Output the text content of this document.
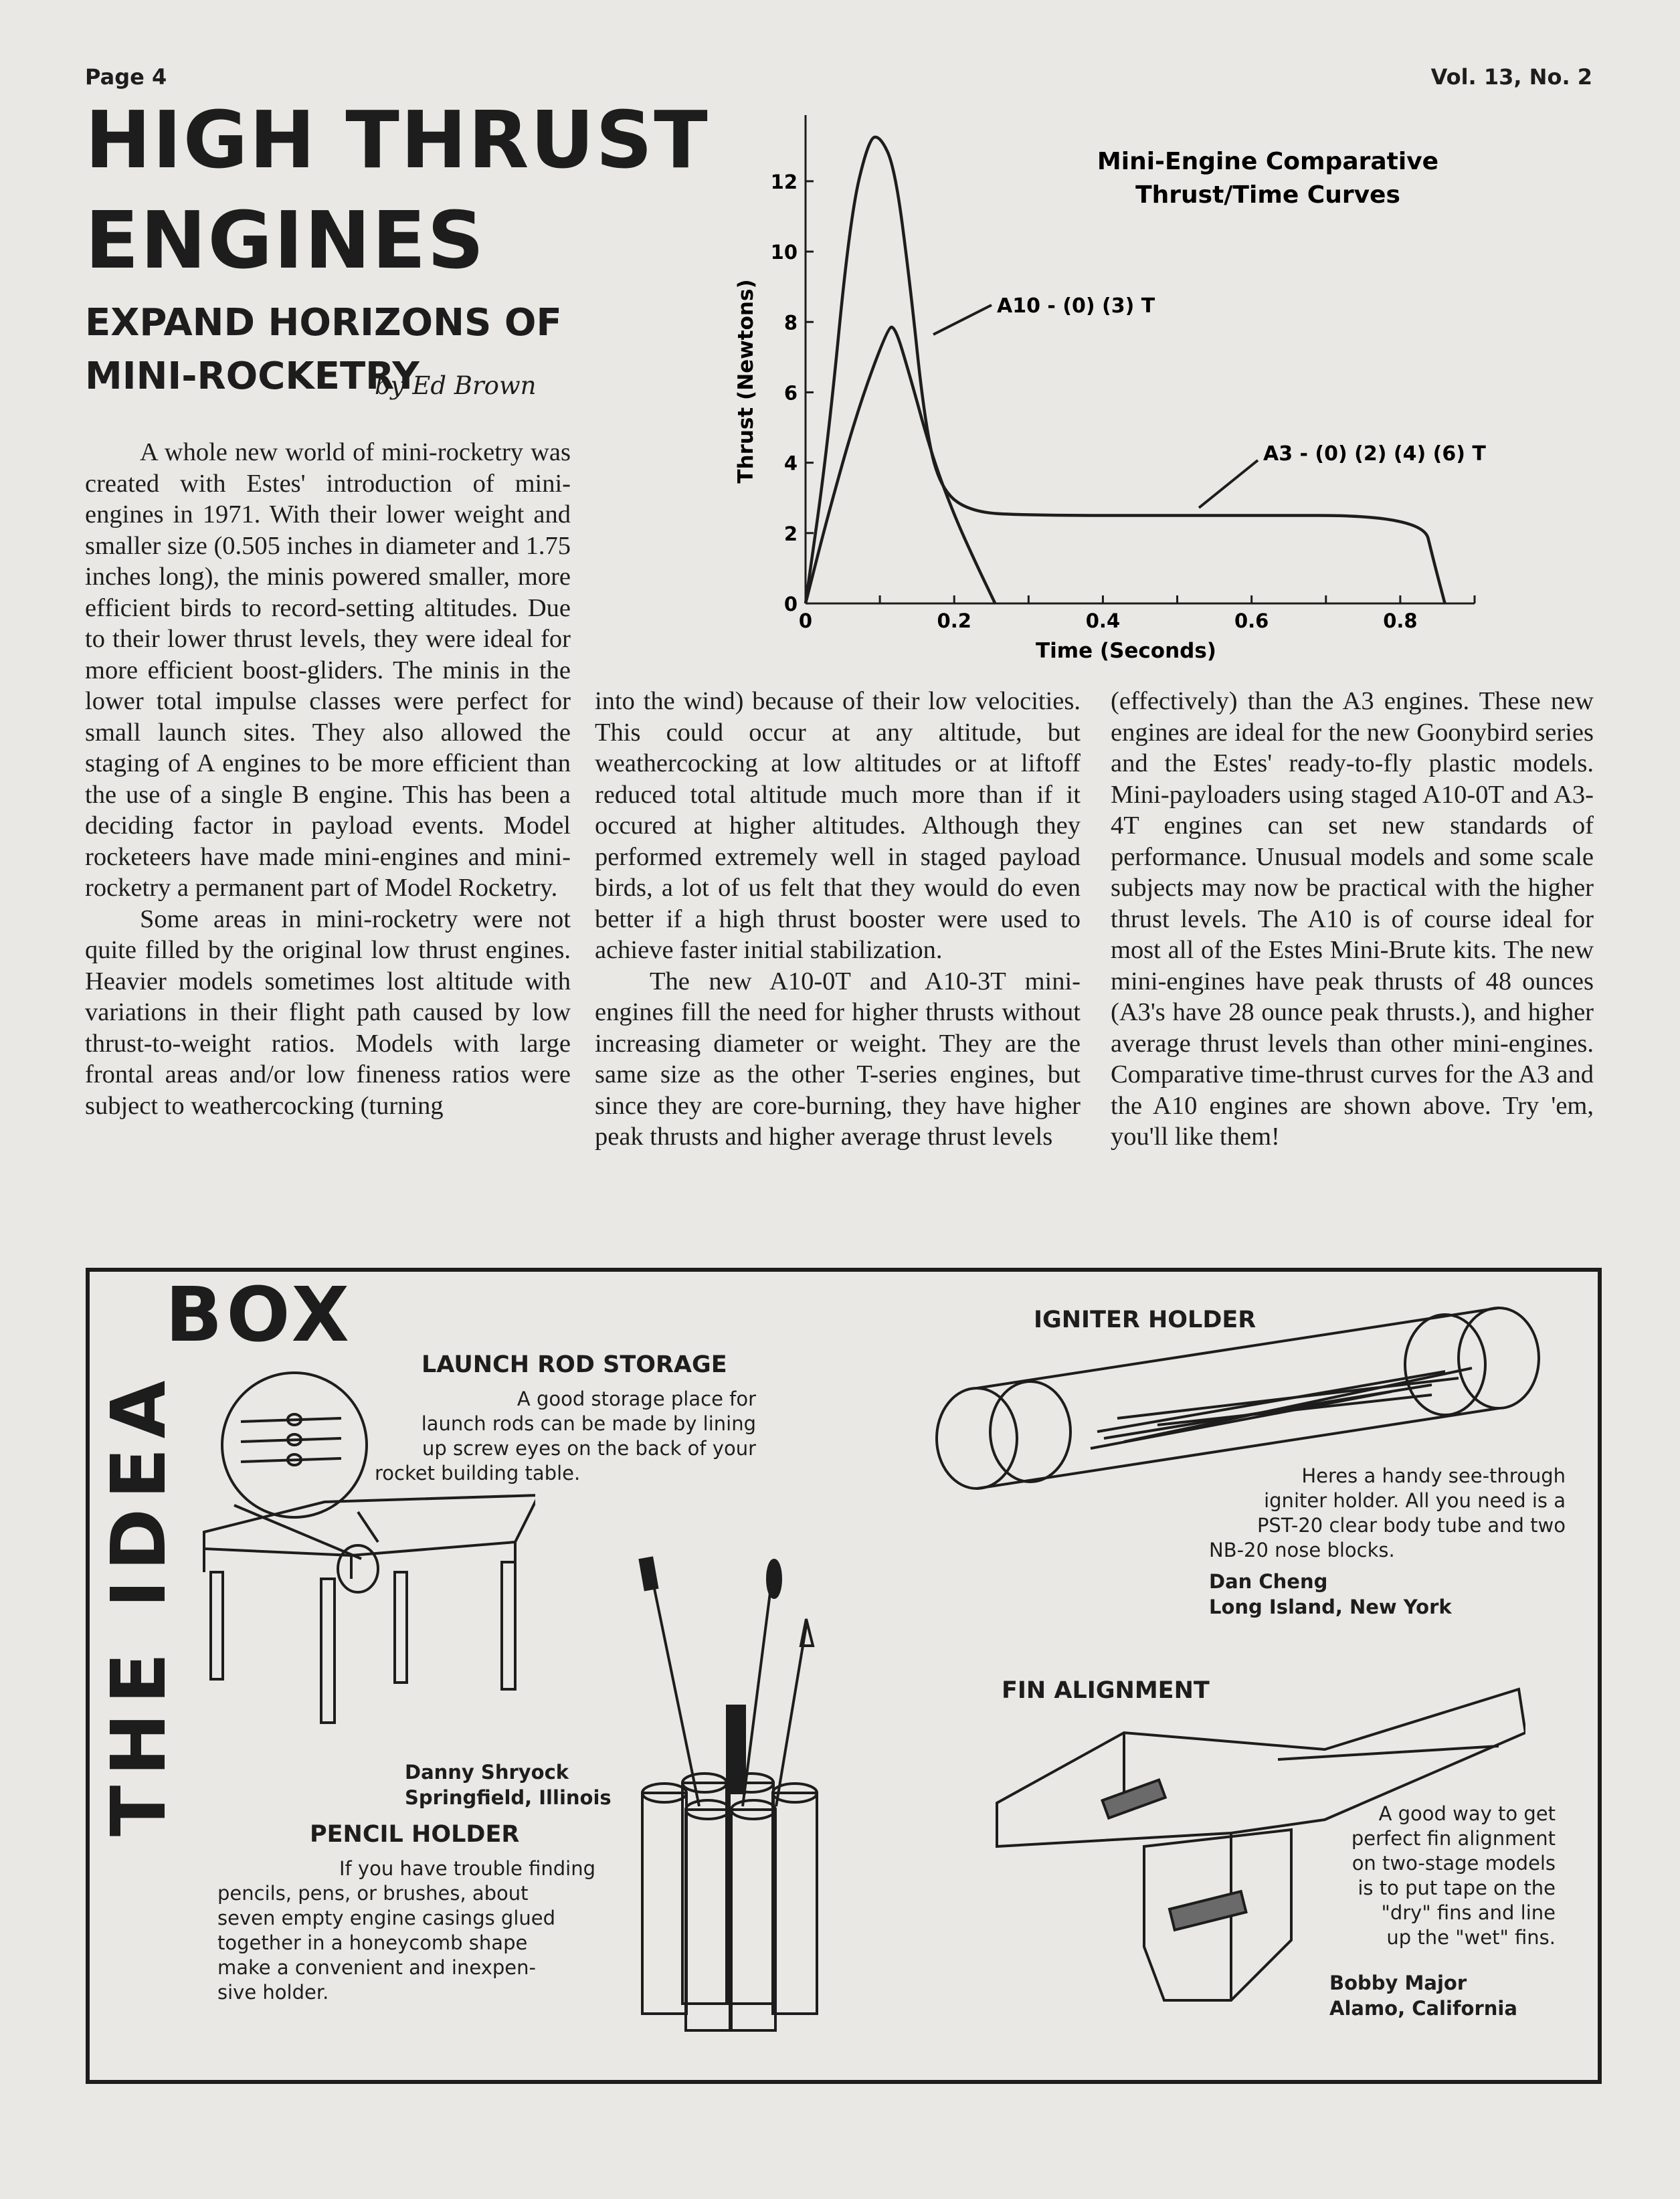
Page 4	Vol. 13, No. 2
HIGH THRUST
ENGINES
EXPAND HORIZONS OF
MINI-ROCKETRY
by Ed Brown
0	0.2	0.4	0.6	0.8
0
2
4
6
8
10
12
Thrust (Newtons)
Time (Seconds)
Mini-Engine Comparative
Thrust/Time Curves
A10 - (0) (3) T
A3 - (0) (2) (4) (6) T

A whole new world of mini-rocketry was created with Estes' introduction of mini-engines in 1971. With their lower weight and smaller size (0.505 inches in diameter and 1.75 inches long), the minis powered smaller, more efficient birds to record-setting altitudes. Due to their lower thrust levels, they were ideal for more efficient boost-gliders. The minis in the lower total impulse classes were perfect for small launch sites. They also allowed the staging of A engines to be more efficient than the use of a single B engine. This has been a deciding factor in payload events. Model rocketeers have made mini-engines and mini-rocketry a permanent part of Model Rocketry.

Some areas in mini-rocketry were not quite filled by the original low thrust engines. Heavier models sometimes lost altitude with variations in their flight path caused by low thrust-to-weight ratios. Models with large frontal areas and/or low fineness ratios were subject to weathercocking (turning

into the wind) because of their low velocities. This could occur at any altitude, but weathercocking at low altitudes or at liftoff reduced total altitude much more than if it occured at higher altitudes. Although they performed extremely well in staged payload birds, a lot of us felt that they would do even better if a high thrust booster were used to achieve faster initial stabilization.

The new A10-0T and A10-3T mini-engines fill the need for higher thrusts without increasing diameter or weight. They are the same size as the other T-series engines, but since they are core-burning, they have higher peak thrusts and higher average thrust levels

(effectively) than the A3 engines. These new engines are ideal for the new Goonybird series and the Estes' ready-to-fly plastic models. Mini-payloaders using staged A10-0T and A3-4T engines can set new standards of performance. Unusual models and some scale subjects may now be practical with the higher thrust levels. The A10 is of course ideal for most all of the Estes Mini-Brute kits. The new mini-engines have peak thrusts of 48 ounces (A3's have 28 ounce peak thrusts.), and higher average thrust levels than other mini-engines. Comparative time-thrust curves for the A3 and the A10 engines are shown above. Try 'em, you'll like them!

THE IDEA
BOX
LAUNCH ROD STORAGE
A good storage place for
launch rods can be made by lining
up screw eyes on the back of your
rocket building table.
Danny Shryock
Springfield, Illinois
PENCIL HOLDER
If you have trouble finding
pencils, pens, or brushes, about
seven empty engine casings glued
together in a honeycomb shape
make a convenient and inexpen-
sive holder.
IGNITER HOLDER
Heres a handy see-through
igniter holder. All you need is a
PST-20 clear body tube and two
NB-20 nose blocks.
Dan Cheng
Long Island, New York
FIN ALIGNMENT
A good way to get
perfect fin alignment
on two-stage models
is to put tape on the
"dry" fins and line
up the "wet" fins.
Bobby Major
Alamo, California
